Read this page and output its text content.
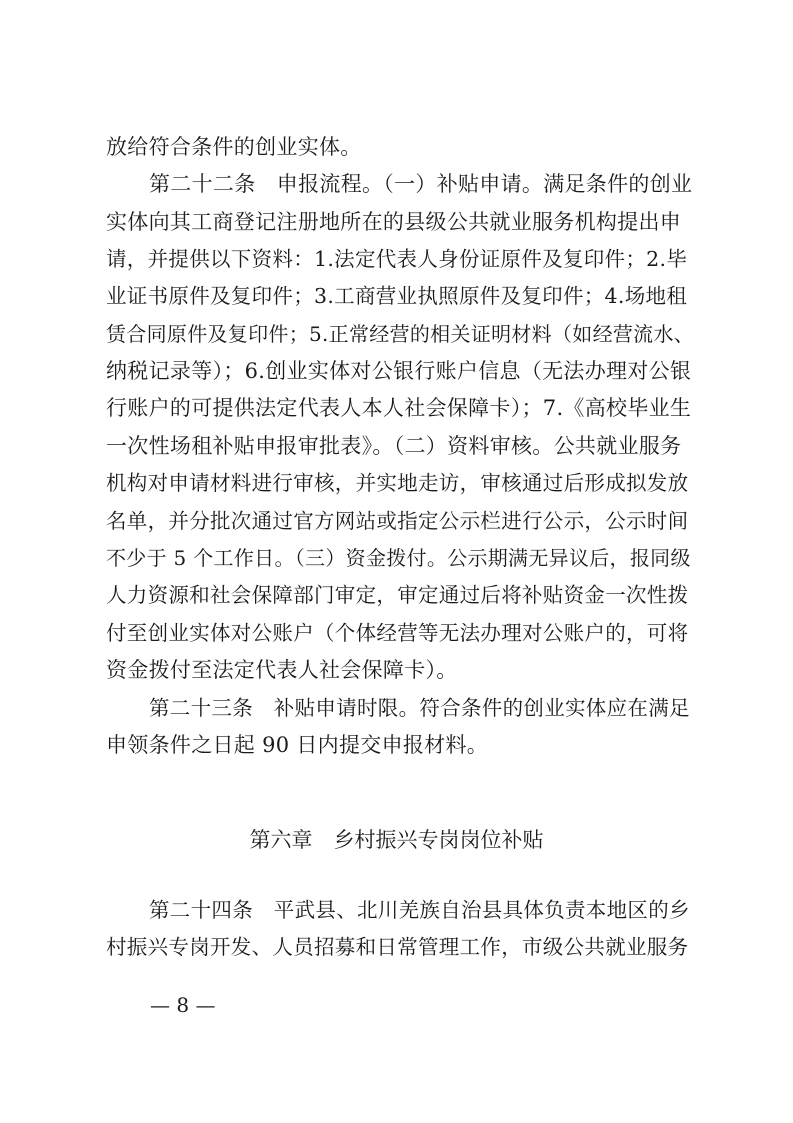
放给符合条件的创业实体。
第二十二条　申报流程。（一）补贴申请。满足条件的创业
实体向其工商登记注册地所在的县级公共就业服务机构提出申
请，并提供以下资料：1.法定代表人身份证原件及复印件；2.毕
业证书原件及复印件；3.工商营业执照原件及复印件；4.场地租
赁合同原件及复印件；5.正常经营的相关证明材料（如经营流水、
纳税记录等）；6.创业实体对公银行账户信息（无法办理对公银
行账户的可提供法定代表人本人社会保障卡）；7.《高校毕业生
一次性场租补贴申报审批表》。（二）资料审核。公共就业服务
机构对申请材料进行审核，并实地走访，审核通过后形成拟发放
名单，并分批次通过官方网站或指定公示栏进行公示，公示时间
不少于 5 个工作日。（三）资金拨付。公示期满无异议后，报同级
人力资源和社会保障部门审定，审定通过后将补贴资金一次性拨
付至创业实体对公账户（个体经营等无法办理对公账户的，可将
资金拨付至法定代表人社会保障卡）。
第二十三条　补贴申请时限。符合条件的创业实体应在满足
申领条件之日起 90 日内提交申报材料。
第六章　乡村振兴专岗岗位补贴
第二十四条　平武县、北川羌族自治县具体负责本地区的乡
村振兴专岗开发、人员招募和日常管理工作，市级公共就业服务
— 8 —
